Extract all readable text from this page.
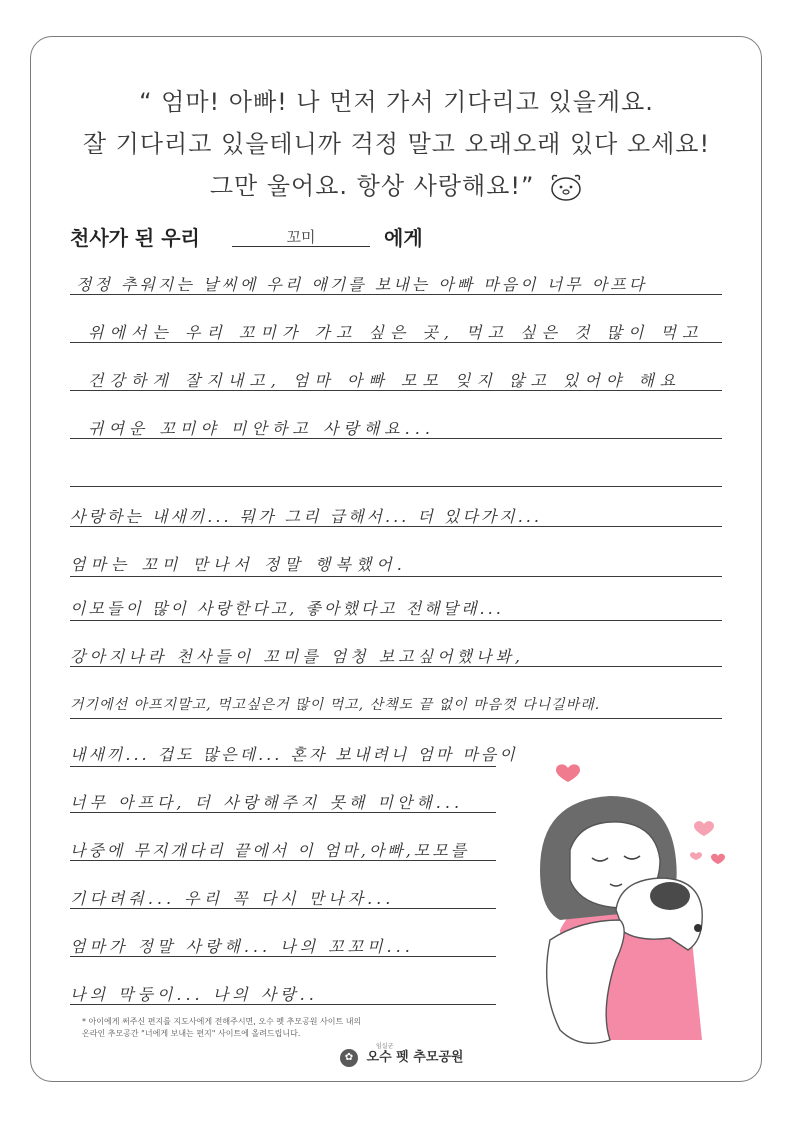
“ 엄마! 아빠! 나 먼저 가서 기다리고 있을게요.
잘 기다리고 있을테니까 걱정 말고 오래오래 있다 오세요!
그만 울어요. 항상 사랑해요!”
천사가 된 우리	꼬미	에게
정정 추워지는 날씨에 우리 애기를 보내는 아빠 마음이 너무 아프다
위에서는 우리 꼬미가 가고 싶은 곳, 먹고 싶은 것 많이 먹고
건강하게 잘지내고, 엄마 아빠 모모 잊지 않고 있어야 해요
귀여운 꼬미야 미안하고 사랑해요...
사랑하는 내새끼... 뭐가 그리 급해서... 더 있다가지...
엄마는 꼬미 만나서 정말 행복했어.
이모들이 많이 사랑한다고, 좋아했다고 전해달래...
강아지나라 천사들이 꼬미를 엄청 보고싶어했나봐,
거기에선 아프지말고, 먹고싶은거 많이 먹고, 산책도 끝 없이 마음껏 다니길바래.
내새끼... 겁도 많은데... 혼자 보내려니 엄마 마음이
너무 아프다, 더 사랑해주지 못해 미안해...
나중에 무지개다리 끝에서 이 엄마,아빠,모모를
기다려줘... 우리 꼭 다시 만나자...
엄마가 정말 사랑해... 나의 꼬꼬미...
나의 막둥이... 나의 사랑..
* 아이에게 써주신 편지를 지도사에게 전해주시면, 오수 펫 추모공원 사이트 내의
온라인 추모공간 "너에게 보내는 편지" 사이트에 올려드립니다.
임실군
✿ 오수 펫 추모공원
